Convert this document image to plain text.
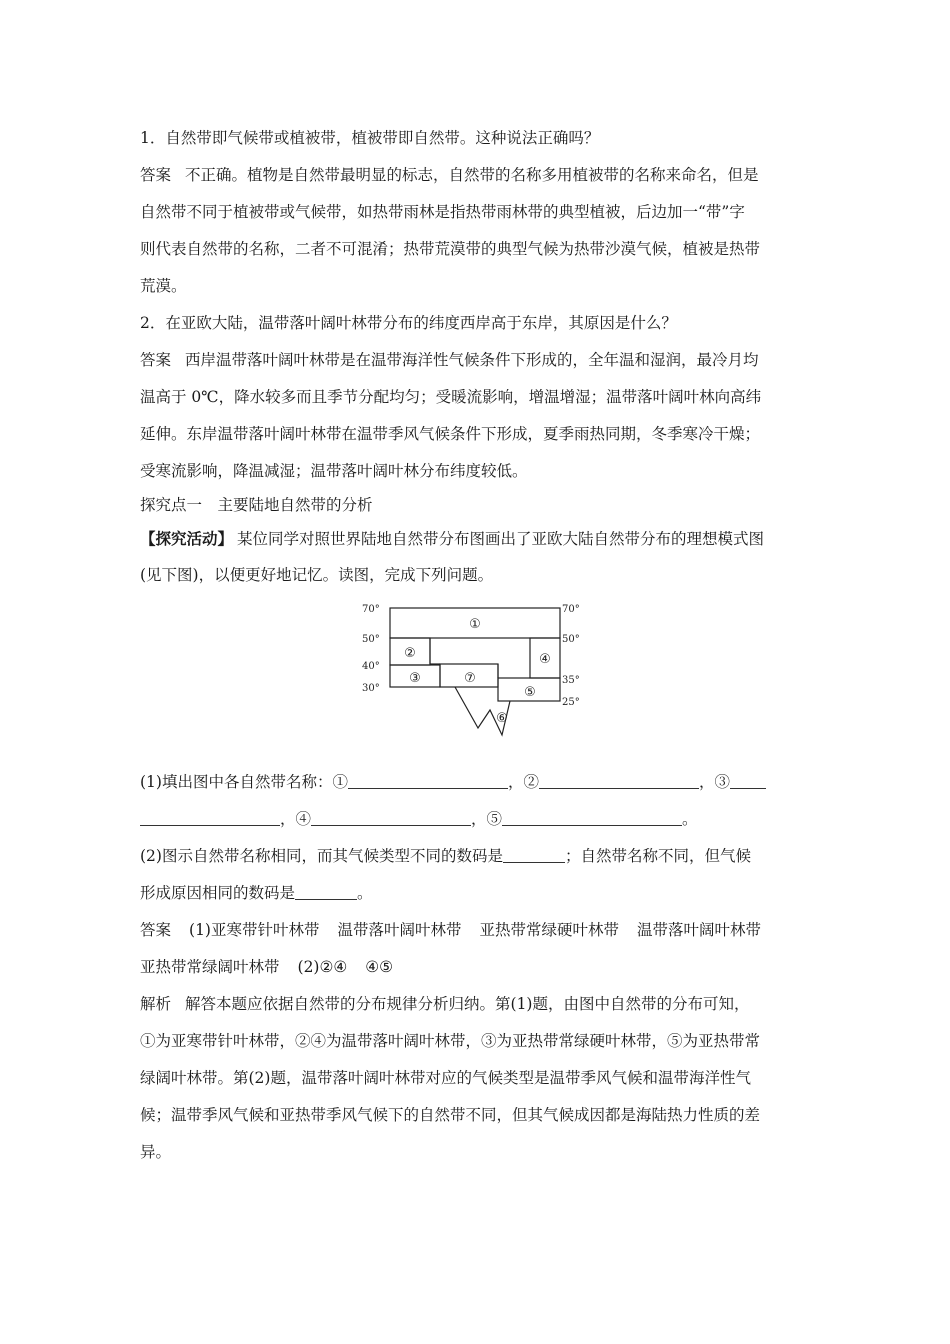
1．自然带即气候带或植被带，植被带即自然带。这种说法正确吗？
答案 不正确。植物是自然带最明显的标志，自然带的名称多用植被带的名称来命名，但是
自然带不同于植被带或气候带，如热带雨林是指热带雨林带的典型植被，后边加一“带”字
则代表自然带的名称，二者不可混淆；热带荒漠带的典型气候为热带沙漠气候，植被是热带
荒漠。
2．在亚欧大陆，温带落叶阔叶林带分布的纬度西岸高于东岸，其原因是什么？
答案 西岸温带落叶阔叶林带是在温带海洋性气候条件下形成的，全年温和湿润，最冷月均
温高于 0℃，降水较多而且季节分配均匀；受暖流影响，增温增湿；温带落叶阔叶林向高纬
延伸。东岸温带落叶阔叶林带在温带季风气候条件下形成，夏季雨热同期，冬季寒冷干燥；
受寒流影响，降温减湿；温带落叶阔叶林分布纬度较低。
探究点一　主要陆地自然带的分析
【探究活动】 某位同学对照世界陆地自然带分布图画出了亚欧大陆自然带分布的理想模式图
(见下图)，以便更好地记忆。读图，完成下列问题。
70°
50°
40°
30°
70°
50°
35°
25°
①
②
③
④
⑤
⑥
⑦
(1)填出图中各自然带名称：①	，②	，③
，④	，⑤	。
(2)图示自然带名称相同，而其气候类型不同的数码是	；自然带名称不同，但气候
形成原因相同的数码是	。
答案 (1)亚寒带针叶林带 温带落叶阔叶林带 亚热带常绿硬叶林带 温带落叶阔叶林带
亚热带常绿阔叶林带 (2)②④ ④⑤
解析 解答本题应依据自然带的分布规律分析归纳。第(1)题，由图中自然带的分布可知，
①为亚寒带针叶林带，②④为温带落叶阔叶林带，③为亚热带常绿硬叶林带，⑤为亚热带常
绿阔叶林带。第(2)题，温带落叶阔叶林带对应的气候类型是温带季风气候和温带海洋性气
候；温带季风气候和亚热带季风气候下的自然带不同，但其气候成因都是海陆热力性质的差
异。
